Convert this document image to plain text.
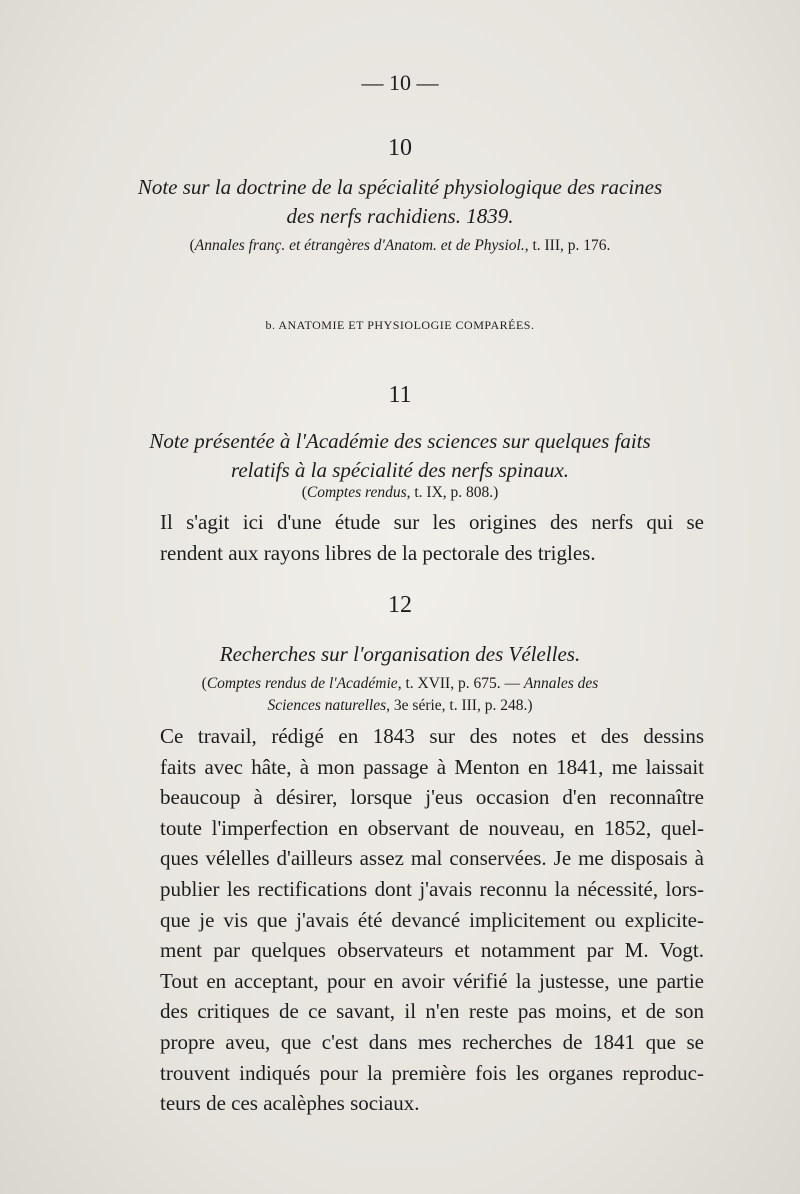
— 10 —
10
Note sur la doctrine de la spécialité physiologique des racines
des nerfs rachidiens. 1839.
(Annales franç. et étrangères d'Anatom. et de Physiol., t. III, p. 176.
b. ANATOMIE ET PHYSIOLOGIE COMPARÉES.
11
Note présentée à l'Académie des sciences sur quelques faits
relatifs à la spécialité des nerfs spinaux.
(Comptes rendus, t. IX, p. 808.)
Il s'agit ici d'une étude sur les origines des nerfs qui se
rendent aux rayons libres de la pectorale des trigles.
12
Recherches sur l'organisation des Vélelles.
(Comptes rendus de l'Académie, t. XVII, p. 675. — Annales des
Sciences naturelles, 3e série, t. III, p. 248.)
Ce travail, rédigé en 1843 sur des notes et des dessins
faits avec hâte, à mon passage à Menton en 1841, me laissait
beaucoup à désirer, lorsque j'eus occasion d'en reconnaître
toute l'imperfection en observant de nouveau, en 1852, quel-
ques vélelles d'ailleurs assez mal conservées. Je me disposais à
publier les rectifications dont j'avais reconnu la nécessité, lors-
que je vis que j'avais été devancé implicitement ou explicite-
ment par quelques observateurs et notamment par M. Vogt.
Tout en acceptant, pour en avoir vérifié la justesse, une partie
des critiques de ce savant, il n'en reste pas moins, et de son
propre aveu, que c'est dans mes recherches de 1841 que se
trouvent indiqués pour la première fois les organes reproduc-
teurs de ces acalèphes sociaux.
